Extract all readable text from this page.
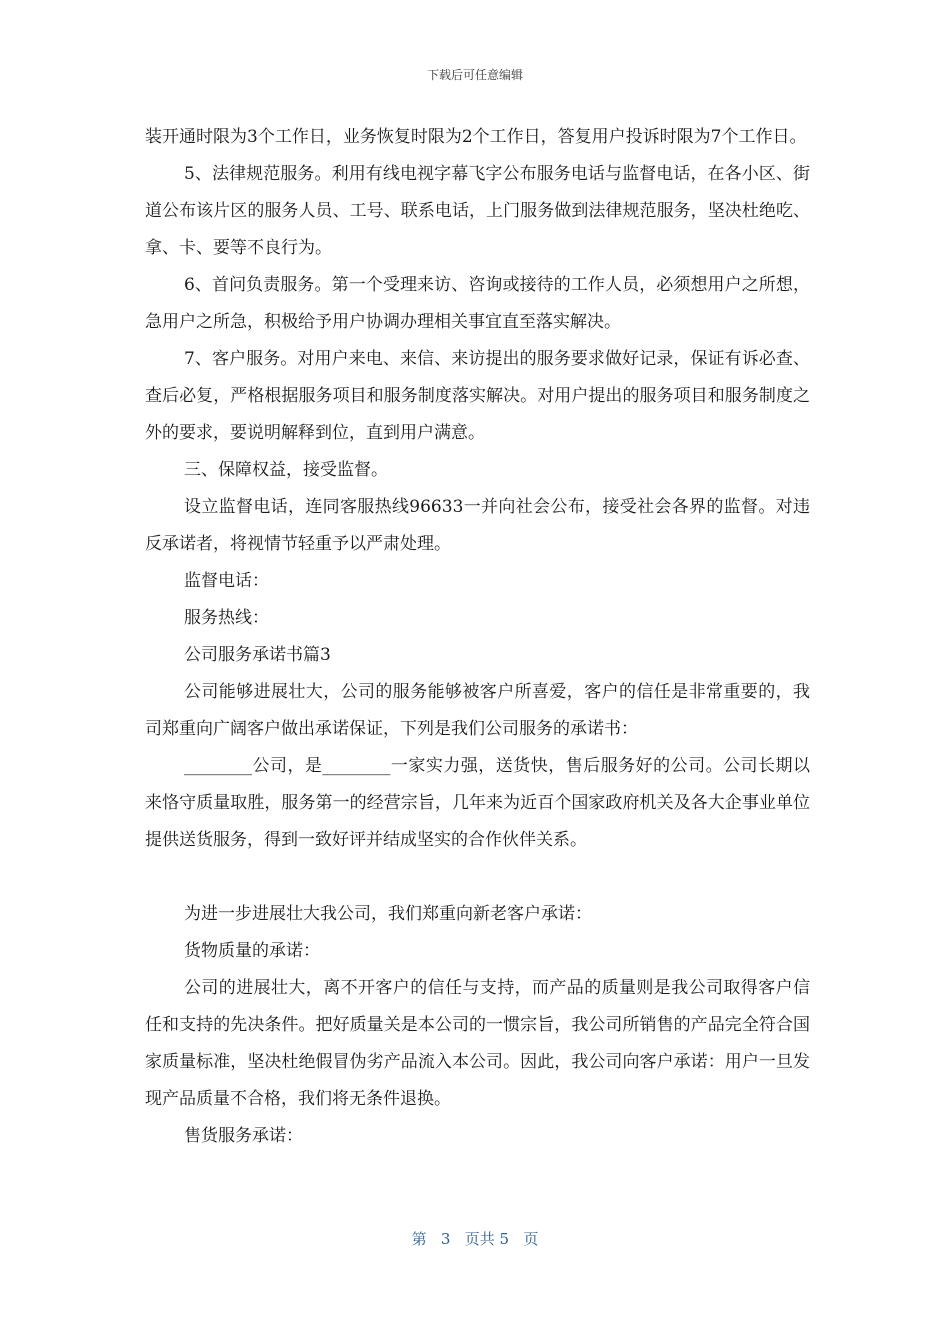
下载后可任意编辑

装开通时限为3个工作日，业务恢复时限为2个工作日，答复用户投诉时限为7个工作日。

5、法律规范服务。利用有线电视字幕飞字公布服务电话与监督电话，在各小区、街道公布该片区的服务人员、工号、联系电话，上门服务做到法律规范服务，坚决杜绝吃、拿、卡、要等不良行为。

6、首问负责服务。第一个受理来访、咨询或接待的工作人员，必须想用户之所想，急用户之所急，积极给予用户协调办理相关事宜直至落实解决。

7、客户服务。对用户来电、来信、来访提出的服务要求做好记录，保证有诉必查、查后必复，严格根据服务项目和服务制度落实解决。对用户提出的服务项目和服务制度之外的要求，要说明解释到位，直到用户满意。

三、保障权益，接受监督。

设立监督电话，连同客服热线96633一并向社会公布，接受社会各界的监督。对违反承诺者，将视情节轻重予以严肃处理。

监督电话：

服务热线：

公司服务承诺书篇3

公司能够进展壮大，公司的服务能够被客户所喜爱，客户的信任是非常重要的，我司郑重向广阔客户做出承诺保证，下列是我们公司服务的承诺书：

________公司，是________一家实力强，送货快，售后服务好的公司。公司长期以来恪守质量取胜，服务第一的经营宗旨，几年来为近百个国家政府机关及各大企事业单位提供送货服务，得到一致好评并结成坚实的合作伙伴关系。

为进一步进展壮大我公司，我们郑重向新老客户承诺：

货物质量的承诺：

公司的进展壮大，离不开客户的信任与支持，而产品的质量则是我公司取得客户信任和支持的先决条件。把好质量关是本公司的一惯宗旨，我公司所销售的产品完全符合国家质量标准，坚决杜绝假冒伪劣产品流入本公司。因此，我公司向客户承诺：用户一旦发现产品质量不合格，我们将无条件退换。

售货服务承诺：

第 3 页共 5 页
